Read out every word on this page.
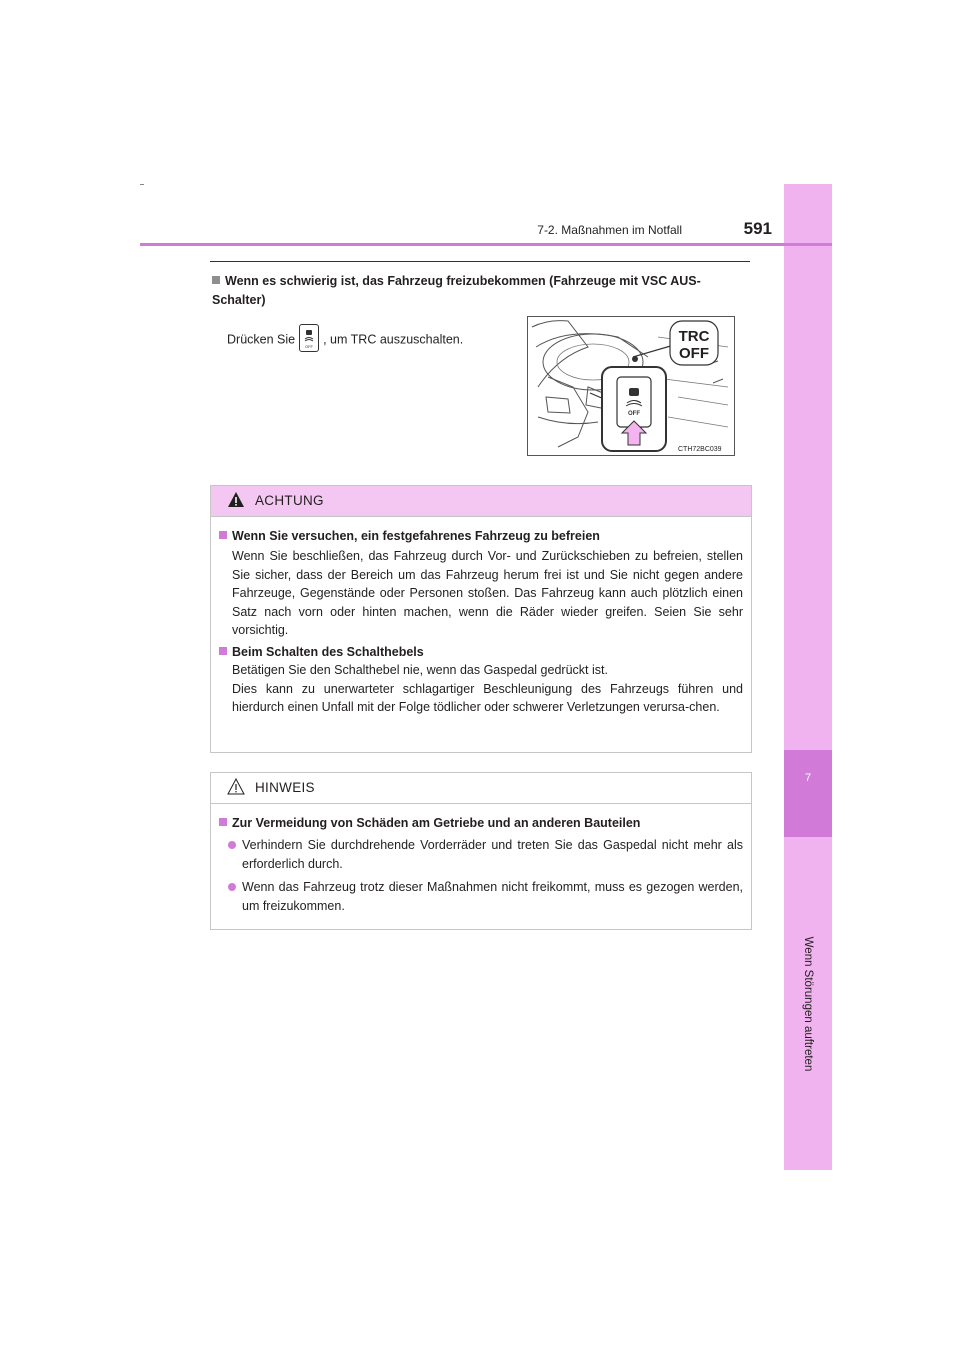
7
Wenn Störungen auftreten
7-2. Maßnahmen im Notfall	591
Wenn es schwierig ist, das Fahrzeug freizubekommen (Fahrzeuge mit VSC AUS-Schalter)
Drücken Sie
OFF
, um TRC auszuschalten.	TRC
OFF
OFF
CTH72BC039
ACHTUNG
Wenn Sie versuchen, ein festgefahrenes Fahrzeug zu befreien
Wenn Sie beschließen, das Fahrzeug durch Vor- und Zurückschieben zu befreien, stellen Sie sicher, dass der Bereich um das Fahrzeug herum frei ist und Sie nicht gegen andere Fahrzeuge, Gegenstände oder Personen stoßen. Das Fahrzeug kann auch plötzlich einen Satz nach vorn oder hinten machen, wenn die Räder wieder greifen. Seien Sie sehr vorsichtig.
Beim Schalten des Schalthebels
Betätigen Sie den Schalthebel nie, wenn das Gaspedal gedrückt ist.
Dies kann zu unerwarteter schlagartiger Beschleunigung des Fahrzeugs führen und hierdurch einen Unfall mit der Folge tödlicher oder schwerer Verletzungen verursa-chen.
HINWEIS
Zur Vermeidung von Schäden am Getriebe und an anderen Bauteilen
Verhindern Sie durchdrehende Vorderräder und treten Sie das Gaspedal nicht mehr als erforderlich durch.
Wenn das Fahrzeug trotz dieser Maßnahmen nicht freikommt, muss es gezogen werden, um freizukommen.
